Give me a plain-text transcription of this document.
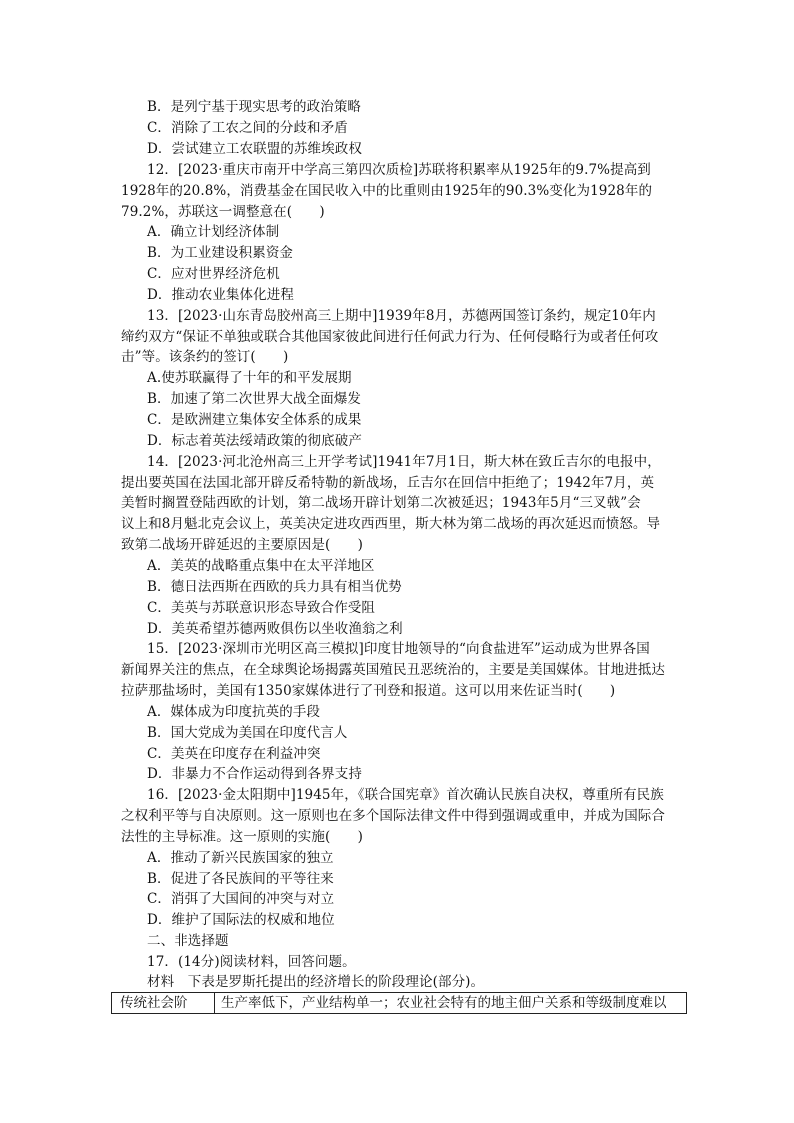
B．是列宁基于现实思考的政治策略
C．消除了工农之间的分歧和矛盾
D．尝试建立工农联盟的苏维埃政权
12．[2023·重庆市南开中学高三第四次质检]苏联将积累率从1925年的9.7%提高到
1928年的20.8%，消费基金在国民收入中的比重则由1925年的90.3%变化为1928年的
79.2%，苏联这一调整意在(　　)
A．确立计划经济体制
B．为工业建设积累资金
C．应对世界经济危机
D．推动农业集体化进程
13．[2023·山东青岛胶州高三上期中]1939年8月，苏德两国签订条约，规定10年内
缔约双方“保证不单独或联合其他国家彼此间进行任何武力行为、任何侵略行为或者任何攻
击”等。该条约的签订(　　)
A.使苏联赢得了十年的和平发展期
B．加速了第二次世界大战全面爆发
C．是欧洲建立集体安全体系的成果
D．标志着英法绥靖政策的彻底破产
14．[2023·河北沧州高三上开学考试]1941年7月1日，斯大林在致丘吉尔的电报中，
提出要英国在法国北部开辟反希特勒的新战场，丘吉尔在回信中拒绝了；1942年7月，英
美暂时搁置登陆西欧的计划，第二战场开辟计划第二次被延迟；1943年5月“三叉戟”会
议上和8月魁北克会议上，英美决定进攻西西里，斯大林为第二战场的再次延迟而愤怒。导
致第二战场开辟延迟的主要原因是(　　)
A．美英的战略重点集中在太平洋地区
B．德日法西斯在西欧的兵力具有相当优势
C．美英与苏联意识形态导致合作受阻
D．美英希望苏德两败俱伤以坐收渔翁之利
15．[2023·深圳市光明区高三模拟]印度甘地领导的“向食盐进军”运动成为世界各国
新闻界关注的焦点，在全球舆论场揭露英国殖民丑恶统治的，主要是美国媒体。甘地进抵达
拉萨那盐场时，美国有1350家媒体进行了刊登和报道。这可以用来佐证当时(　　)
A．媒体成为印度抗英的手段
B．国大党成为美国在印度代言人
C．美英在印度存在利益冲突
D．非暴力不合作运动得到各界支持
16．[2023·金太阳期中]1945年，《联合国宪章》首次确认民族自决权，尊重所有民族
之权利平等与自决原则。这一原则也在多个国际法律文件中得到强调或重申，并成为国际合
法性的主导标准。这一原则的实施(　　)
A．推动了新兴民族国家的独立
B．促进了各民族间的平等往来
C．消弭了大国间的冲突与对立
D．维护了国际法的权威和地位
二、非选择题
17．(14分)阅读材料，回答问题。
材料　下表是罗斯托提出的经济增长的阶段理论(部分)。
传统社会阶	生产率低下，产业结构单一；农业社会特有的地主佃户关系和等级制度难以
